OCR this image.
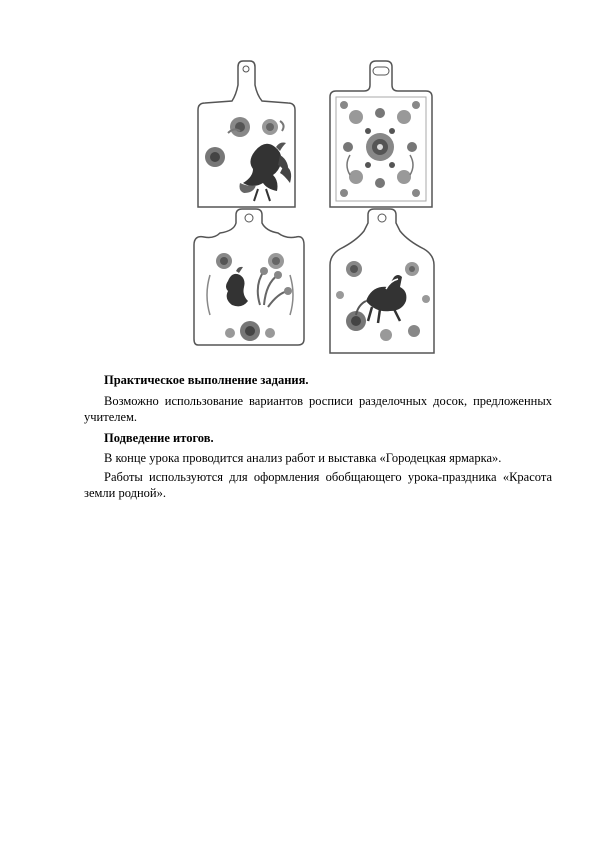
Практическое выполнение задания.

Возможно использование вариантов росписи разделочных досок, предложенных учителем.

Подведение итогов.

В конце урока проводится анализ работ и выставка «Городецкая ярмарка».

Работы используются для оформления обобщающего урока-праздника «Красота земли родной».
